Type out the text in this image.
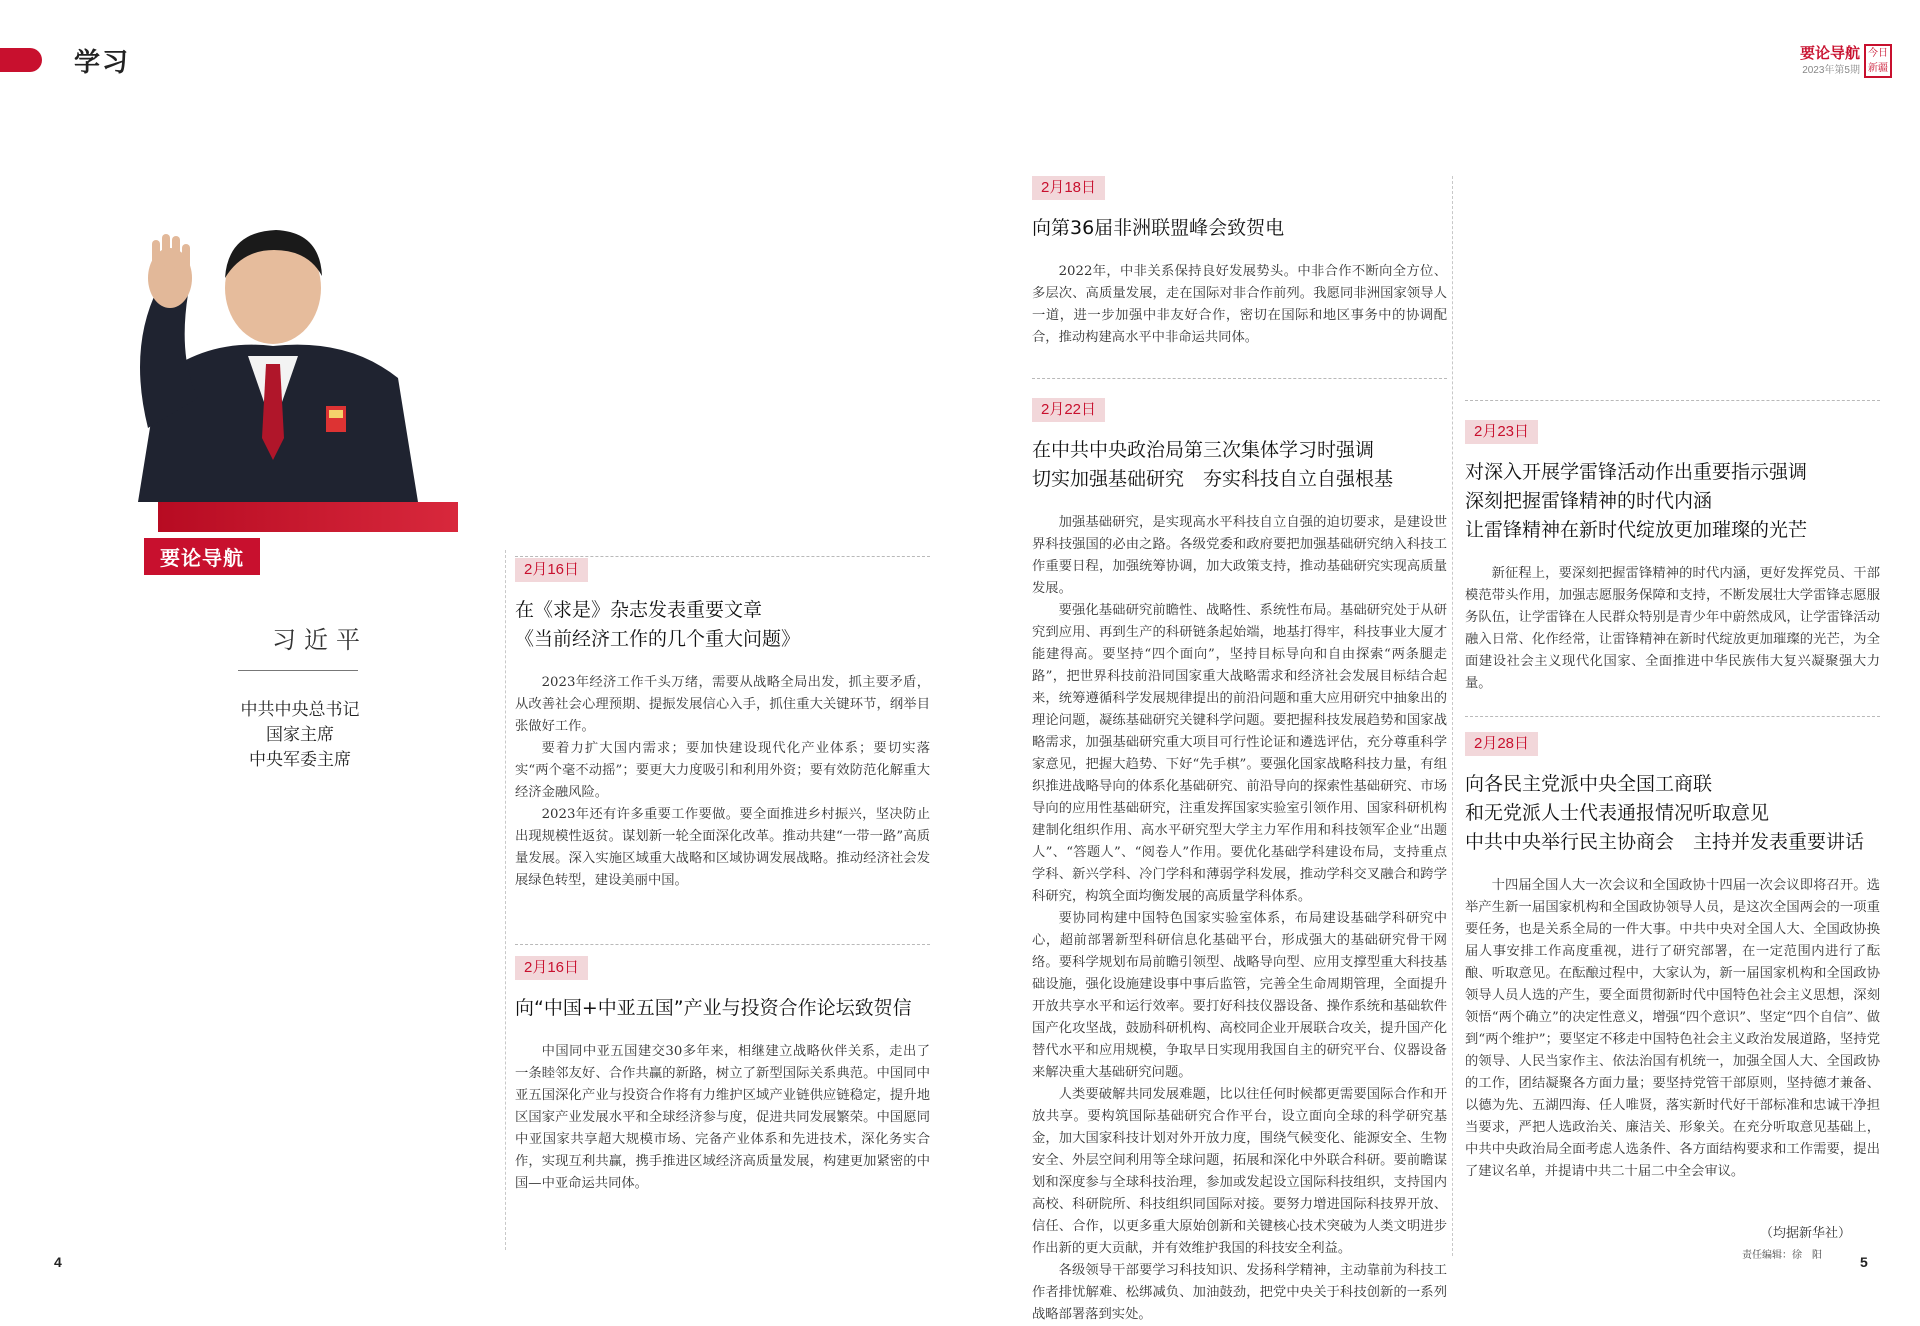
学习	要论导航
2023年第5期
今日
新疆
要论导航
习近平
中共中央总书记
国家主席
中央军委主席
2月16日
在《求是》杂志发表重要文章
《当前经济工作的几个重大问题》

2023年经济工作千头万绪，需要从战略全局出发，抓主要矛盾，从改善社会心理预期、提振发展信心入手，抓住重大关键环节，纲举目张做好工作。

要着力扩大国内需求；要加快建设现代化产业体系；要切实落实“两个毫不动摇”；要更大力度吸引和利用外资；要有效防范化解重大经济金融风险。

2023年还有许多重要工作要做。要全面推进乡村振兴，坚决防止出现规模性返贫。谋划新一轮全面深化改革。推动共建“一带一路”高质量发展。深入实施区域重大战略和区域协调发展战略。推动经济社会发展绿色转型，建设美丽中国。

2月16日
向“中国+中亚五国”产业与投资合作论坛致贺信

中国同中亚五国建交30多年来，相继建立战略伙伴关系，走出了一条睦邻友好、合作共赢的新路，树立了新型国际关系典范。中国同中亚五国深化产业与投资合作将有力维护区域产业链供应链稳定，提升地区国家产业发展水平和全球经济参与度，促进共同发展繁荣。中国愿同中亚国家共享超大规模市场、完备产业体系和先进技术，深化务实合作，实现互利共赢，携手推进区域经济高质量发展，构建更加紧密的中国—中亚命运共同体。

2月18日
向第36届非洲联盟峰会致贺电

2022年，中非关系保持良好发展势头。中非合作不断向全方位、多层次、高质量发展，走在国际对非合作前列。我愿同非洲国家领导人一道，进一步加强中非友好合作，密切在国际和地区事务中的协调配合，推动构建高水平中非命运共同体。

2月22日
在中共中央政治局第三次集体学习时强调
切实加强基础研究　夯实科技自立自强根基

加强基础研究，是实现高水平科技自立自强的迫切要求，是建设世界科技强国的必由之路。各级党委和政府要把加强基础研究纳入科技工作重要日程，加强统筹协调，加大政策支持，推动基础研究实现高质量发展。

要强化基础研究前瞻性、战略性、系统性布局。基础研究处于从研究到应用、再到生产的科研链条起始端，地基打得牢，科技事业大厦才能建得高。要坚持“四个面向”，坚持目标导向和自由探索“两条腿走路”，把世界科技前沿同国家重大战略需求和经济社会发展目标结合起来，统筹遵循科学发展规律提出的前沿问题和重大应用研究中抽象出的理论问题，凝练基础研究关键科学问题。要把握科技发展趋势和国家战略需求，加强基础研究重大项目可行性论证和遴选评估，充分尊重科学家意见，把握大趋势、下好“先手棋”。要强化国家战略科技力量，有组织推进战略导向的体系化基础研究、前沿导向的探索性基础研究、市场导向的应用性基础研究，注重发挥国家实验室引领作用、国家科研机构建制化组织作用、高水平研究型大学主力军作用和科技领军企业“出题人”、“答题人”、“阅卷人”作用。要优化基础学科建设布局，支持重点学科、新兴学科、冷门学科和薄弱学科发展，推动学科交叉融合和跨学科研究，构筑全面均衡发展的高质量学科体系。

要协同构建中国特色国家实验室体系，布局建设基础学科研究中心，超前部署新型科研信息化基础平台，形成强大的基础研究骨干网络。要科学规划布局前瞻引领型、战略导向型、应用支撑型重大科技基础设施，强化设施建设事中事后监管，完善全生命周期管理，全面提升开放共享水平和运行效率。要打好科技仪器设备、操作系统和基础软件国产化攻坚战，鼓励科研机构、高校同企业开展联合攻关，提升国产化替代水平和应用规模，争取早日实现用我国自主的研究平台、仪器设备来解决重大基础研究问题。

人类要破解共同发展难题，比以往任何时候都更需要国际合作和开放共享。要构筑国际基础研究合作平台，设立面向全球的科学研究基金，加大国家科技计划对外开放力度，围绕气候变化、能源安全、生物安全、外层空间利用等全球问题，拓展和深化中外联合科研。要前瞻谋划和深度参与全球科技治理，参加或发起设立国际科技组织，支持国内高校、科研院所、科技组织同国际对接。要努力增进国际科技界开放、信任、合作，以更多重大原始创新和关键核心技术突破为人类文明进步作出新的更大贡献，并有效维护我国的科技安全利益。

各级领导干部要学习科技知识、发扬科学精神，主动靠前为科技工作者排忧解难、松绑减负、加油鼓劲，把党中央关于科技创新的一系列战略部署落到实处。

2月23日
对深入开展学雷锋活动作出重要指示强调
深刻把握雷锋精神的时代内涵
让雷锋精神在新时代绽放更加璀璨的光芒

新征程上，要深刻把握雷锋精神的时代内涵，更好发挥党员、干部模范带头作用，加强志愿服务保障和支持，不断发展壮大学雷锋志愿服务队伍，让学雷锋在人民群众特别是青少年中蔚然成风，让学雷锋活动融入日常、化作经常，让雷锋精神在新时代绽放更加璀璨的光芒，为全面建设社会主义现代化国家、全面推进中华民族伟大复兴凝聚强大力量。

2月28日
向各民主党派中央全国工商联
和无党派人士代表通报情况听取意见
中共中央举行民主协商会　主持并发表重要讲话

十四届全国人大一次会议和全国政协十四届一次会议即将召开。选举产生新一届国家机构和全国政协领导人员，是这次全国两会的一项重要任务，也是关系全局的一件大事。中共中央对全国人大、全国政协换届人事安排工作高度重视，进行了研究部署，在一定范围内进行了酝酿、听取意见。在酝酿过程中，大家认为，新一届国家机构和全国政协领导人员人选的产生，要全面贯彻新时代中国特色社会主义思想，深刻领悟“两个确立”的决定性意义，增强“四个意识”、坚定“四个自信”、做到“两个维护”；要坚定不移走中国特色社会主义政治发展道路，坚持党的领导、人民当家作主、依法治国有机统一，加强全国人大、全国政协的工作，团结凝聚各方面力量；要坚持党管干部原则，坚持德才兼备、以德为先、五湖四海、任人唯贤，落实新时代好干部标准和忠诚干净担当要求，严把人选政治关、廉洁关、形象关。在充分听取意见基础上，中共中央政治局全面考虑人选条件、各方面结构要求和工作需要，提出了建议名单，并提请中共二十届二中全会审议。

（均据新华社）
责任编辑：徐　阳
4	5
